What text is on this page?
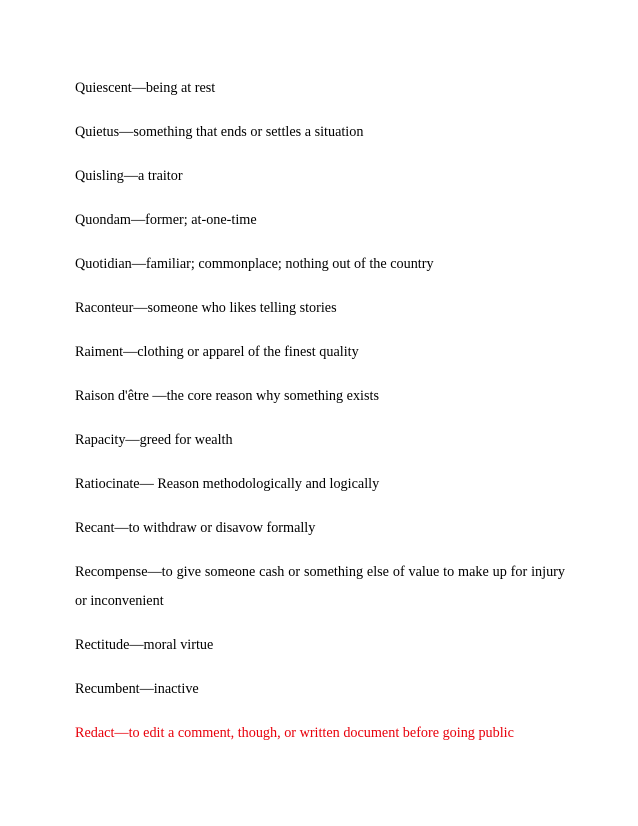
Quiescent—being at rest
Quietus—something that ends or settles a situation
Quisling—a traitor
Quondam—former; at-one-time
Quotidian—familiar; commonplace; nothing out of the country
Raconteur—someone who likes telling stories
Raiment—clothing or apparel of the finest quality
Raison d'être —the core reason why something exists
Rapacity—greed for wealth
Ratiocinate— Reason methodologically and logically
Recant—to withdraw or disavow formally
Recompense—to give someone cash or something else of value to make up for injury or inconvenient
Rectitude—moral virtue
Recumbent—inactive
Redact—to edit a comment, though, or written document before going public
